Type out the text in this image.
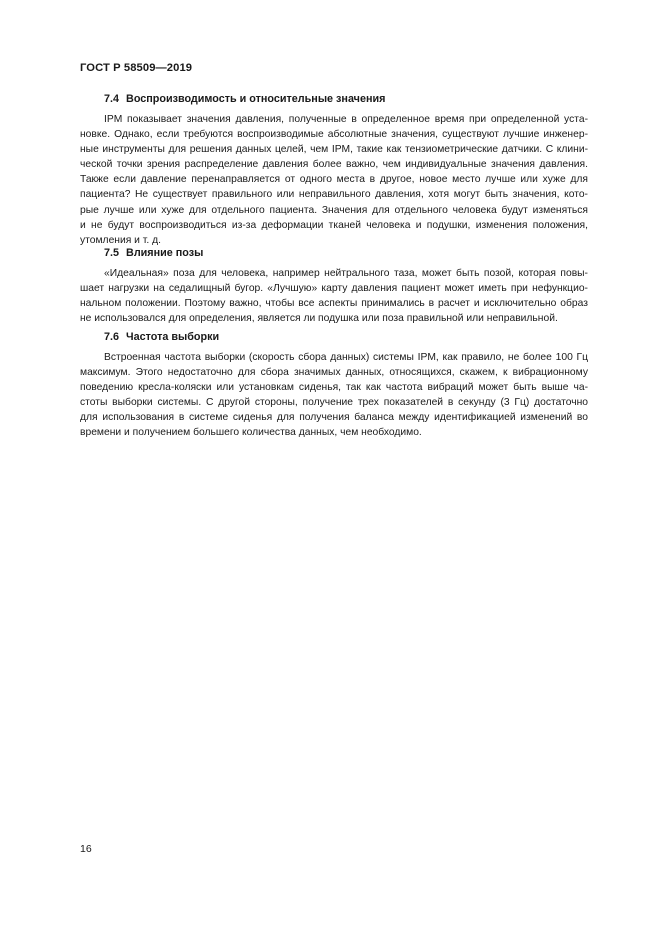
ГОСТ Р 58509—2019
7.4 Воспроизводимость и относительные значения
IPM показывает значения давления, полученные в определенное время при определенной уста-
новке. Однако, если требуются воспроизводимые абсолютные значения, существуют лучшие инженер-
ные инструменты для решения данных целей, чем IPM, такие как тензиометрические датчики. С клини-
ческой точки зрения распределение давления более важно, чем индивидуальные значения давления.
Также если давление перенаправляется от одного места в другое, новое место лучше или хуже для
пациента? Не существует правильного или неправильного давления, хотя могут быть значения, кото-
рые лучше или хуже для отдельного пациента. Значения для отдельного человека будут изменяться
и не будут воспроизводиться из-за деформации тканей человека и подушки, изменения положения,
утомления и т. д.
7.5 Влияние позы
«Идеальная» поза для человека, например нейтрального таза, может быть позой, которая повы-
шает нагрузки на седалищный бугор. «Лучшую» карту давления пациент может иметь при нефункцио-
нальном положении. Поэтому важно, чтобы все аспекты принимались в расчет и исключительно образ
не использовался для определения, является ли подушка или поза правильной или неправильной.
7.6 Частота выборки
Встроенная частота выборки (скорость сбора данных) системы IPM, как правило, не более 100 Гц
максимум. Этого недостаточно для сбора значимых данных, относящихся, скажем, к вибрационному
поведению кресла-коляски или установкам сиденья, так как частота вибраций может быть выше ча-
стоты выборки системы. С другой стороны, получение трех показателей в секунду (3 Гц) достаточно
для использования в системе сиденья для получения баланса между идентификацией изменений во
времени и получением большего количества данных, чем необходимо.
16
